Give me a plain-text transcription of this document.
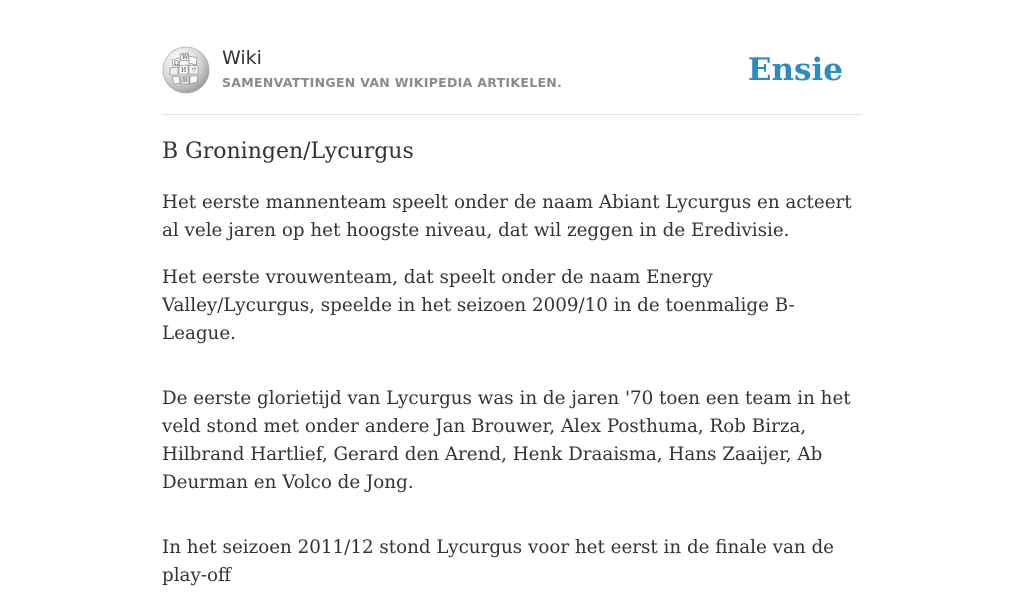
Ω
W
И ウ
維
Wiki
SAMENVATTINGEN VAN WIKIPEDIA ARTIKELEN.	Ensie
B Groningen/Lycurgus

Het eerste mannenteam speelt onder de naam Abiant Lycurgus en acteert al vele jaren op het hoogste niveau, dat wil zeggen in de Eredivisie.

Het eerste vrouwenteam, dat speelt onder de naam Energy Valley/Lycurgus, speelde in het seizoen 2009/10 in de toenmalige B-League.

De eerste glorietijd van Lycurgus was in de jaren '70 toen een team in het veld stond met onder andere Jan Brouwer, Alex Posthuma, Rob Birza, Hilbrand Hartlief, Gerard den Arend, Henk Draaisma, Hans Zaaijer, Ab Deurman en Volco de Jong.

In het seizoen 2011/12 stond Lycurgus voor het eerst in de finale van de play-off
